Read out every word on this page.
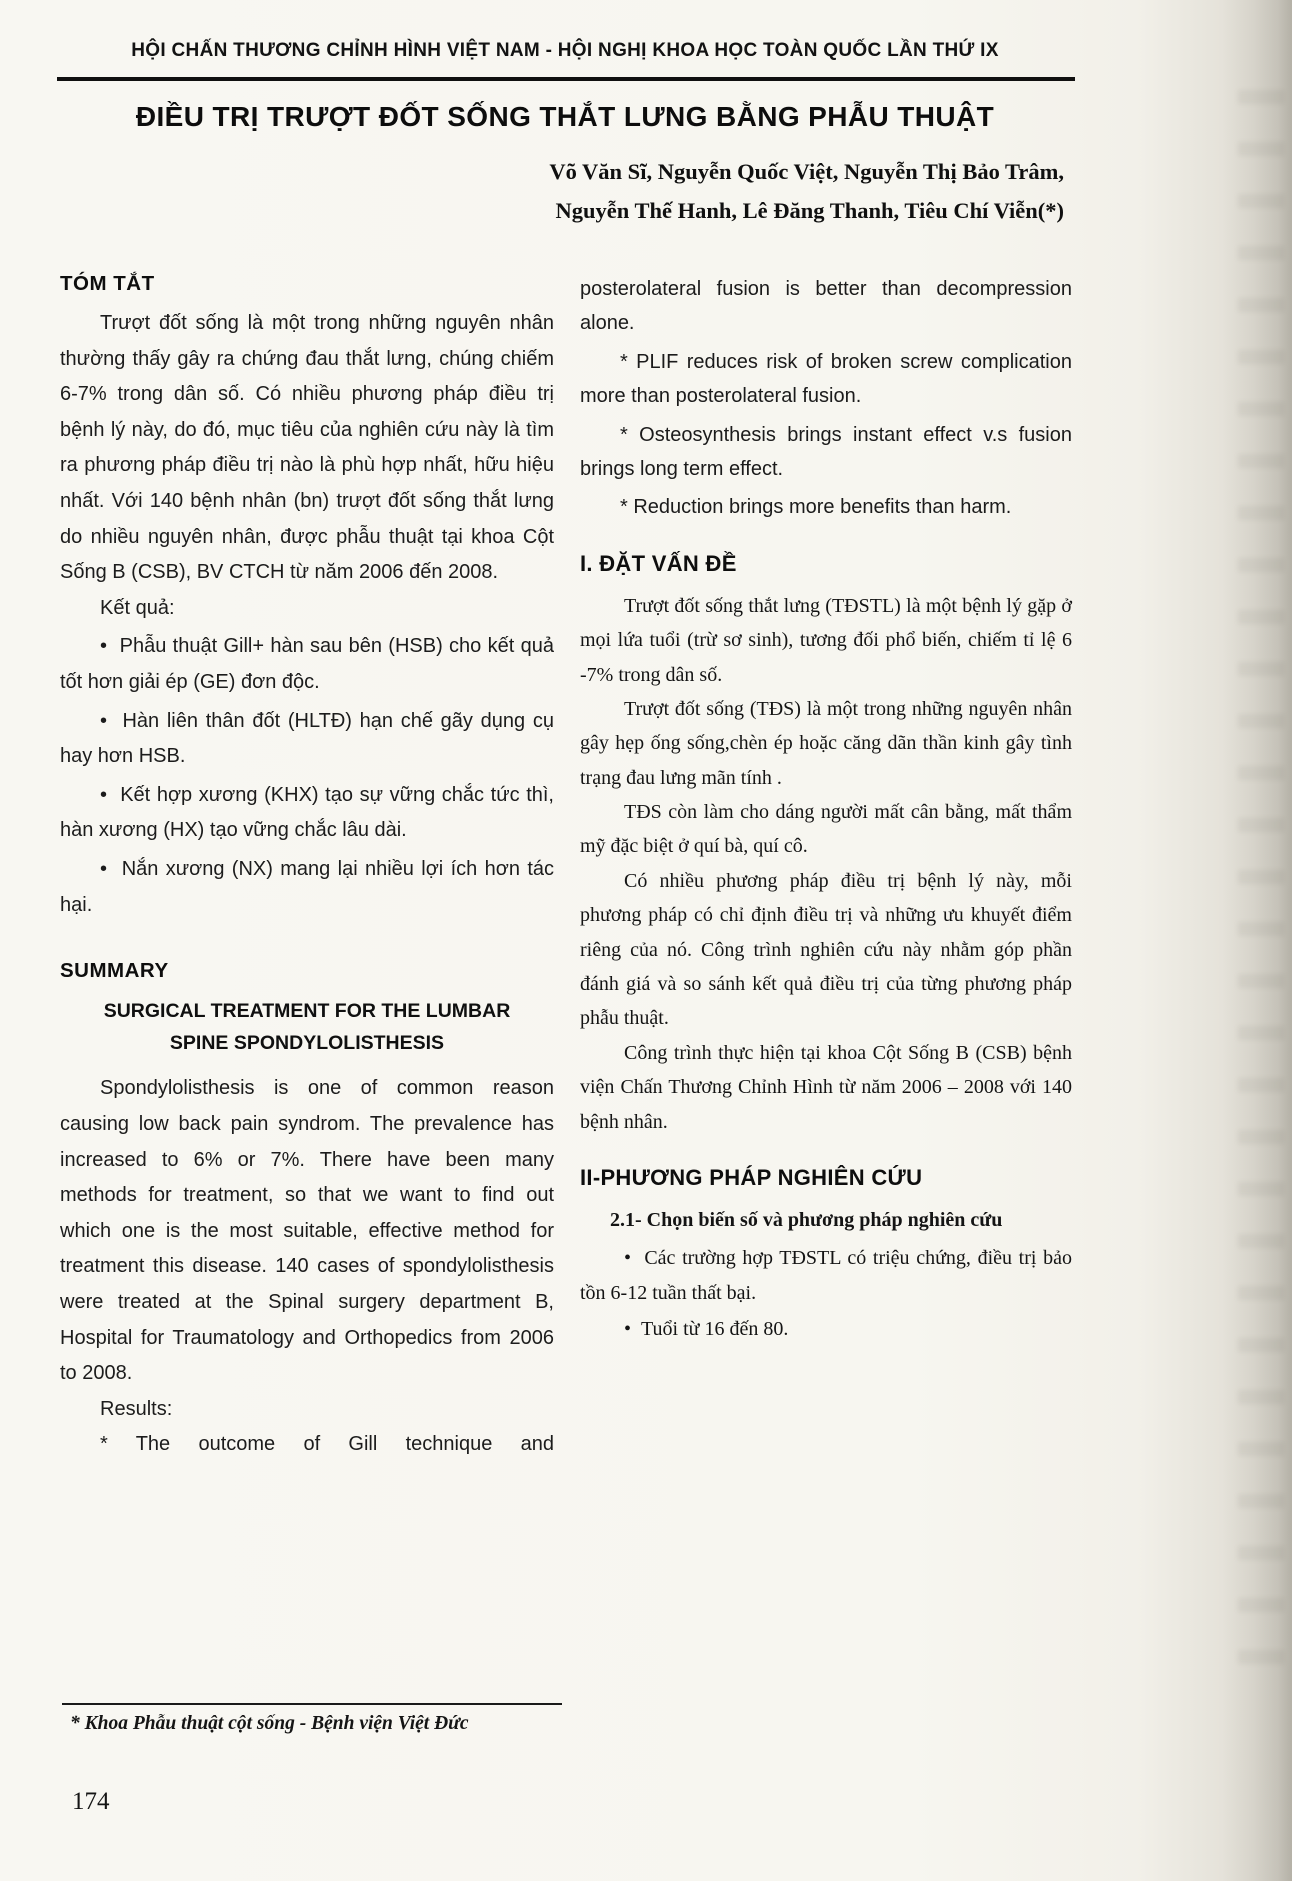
HỘI CHẤN THƯƠNG CHỈNH HÌNH VIỆT NAM - HỘI NGHỊ KHOA HỌC TOÀN QUỐC LẦN THỨ IX
ĐIỀU TRỊ TRƯỢT ĐỐT SỐNG THẮT LƯNG BẰNG PHẪU THUẬT
Võ Văn Sĩ, Nguyễn Quốc Việt, Nguyễn Thị Bảo Trâm,
Nguyễn Thế Hanh, Lê Đăng Thanh, Tiêu Chí Viễn(*)
TÓM TẮT

Trượt đốt sống là một trong những nguyên nhân thường thấy gây ra chứng đau thắt lưng, chúng chiếm 6-7% trong dân số. Có nhiều phương pháp điều trị bệnh lý này, do đó, mục tiêu của nghiên cứu này là tìm ra phương pháp điều trị nào là phù hợp nhất, hữu hiệu nhất. Với 140 bệnh nhân (bn) trượt đốt sống thắt lưng do nhiều nguyên nhân, được phẫu thuật tại khoa Cột Sống B (CSB), BV CTCH từ năm 2006 đến 2008.

Kết quả:

•  Phẫu thuật Gill+ hàn sau bên (HSB) cho kết quả tốt hơn giải ép (GE) đơn độc.

•  Hàn liên thân đốt (HLTĐ) hạn chế gãy dụng cụ hay hơn HSB.

•  Kết hợp xương (KHX) tạo sự vững chắc tức thì, hàn xương (HX) tạo vững chắc lâu dài.

•  Nắn xương (NX) mang lại nhiều lợi ích hơn tác hại.

SUMMARY
SURGICAL TREATMENT FOR THE LUMBAR
SPINE SPONDYLOLISTHESIS

Spondylolisthesis is one of common reason causing low back pain syndrom. The prevalence has increased to 6% or 7%. There have been many methods for treatment, so that we want to find out which one is the most suitable, effective method for treatment this disease. 140 cases of spondylolisthesis were treated at the Spinal surgery department B, Hospital for Traumatology and Orthopedics from 2006 to 2008.

Results:

* The outcome of Gill technique and

posterolateral fusion is better than decompression alone.

* PLIF reduces risk of broken screw complication more than posterolateral fusion.

* Osteosynthesis brings instant effect v.s fusion brings long term effect.

* Reduction brings more benefits than harm.

I. ĐẶT VẤN ĐỀ

Trượt đốt sống thắt lưng (TĐSTL) là một bệnh lý gặp ở mọi lứa tuổi (trừ sơ sinh), tương đối phổ biến, chiếm tỉ lệ 6 -7% trong dân số.

Trượt đốt sống (TĐS) là một trong những nguyên nhân gây hẹp ống sống,chèn ép hoặc căng dãn thần kinh gây tình trạng đau lưng mãn tính .

TĐS còn làm cho dáng người mất cân bằng, mất thẩm mỹ đặc biệt ở quí bà, quí cô.

Có nhiều phương pháp điều trị bệnh lý này, mỗi phương pháp có chỉ định điều trị và những ưu khuyết điểm riêng của nó. Công trình nghiên cứu này nhằm góp phần đánh giá và so sánh kết quả điều trị của từng phương pháp phẫu thuật.

Công trình thực hiện tại khoa Cột Sống B (CSB) bệnh viện Chấn Thương Chỉnh Hình từ năm 2006 – 2008 với 140 bệnh nhân.

II-PHƯƠNG PHÁP NGHIÊN CỨU

2.1- Chọn biến số và phương pháp nghiên cứu

•  Các trường hợp TĐSTL có triệu chứng, điều trị bảo tồn 6-12 tuần thất bại.

•  Tuổi từ 16 đến 80.

* Khoa Phẫu thuật cột sống - Bệnh viện Việt Đức
174
